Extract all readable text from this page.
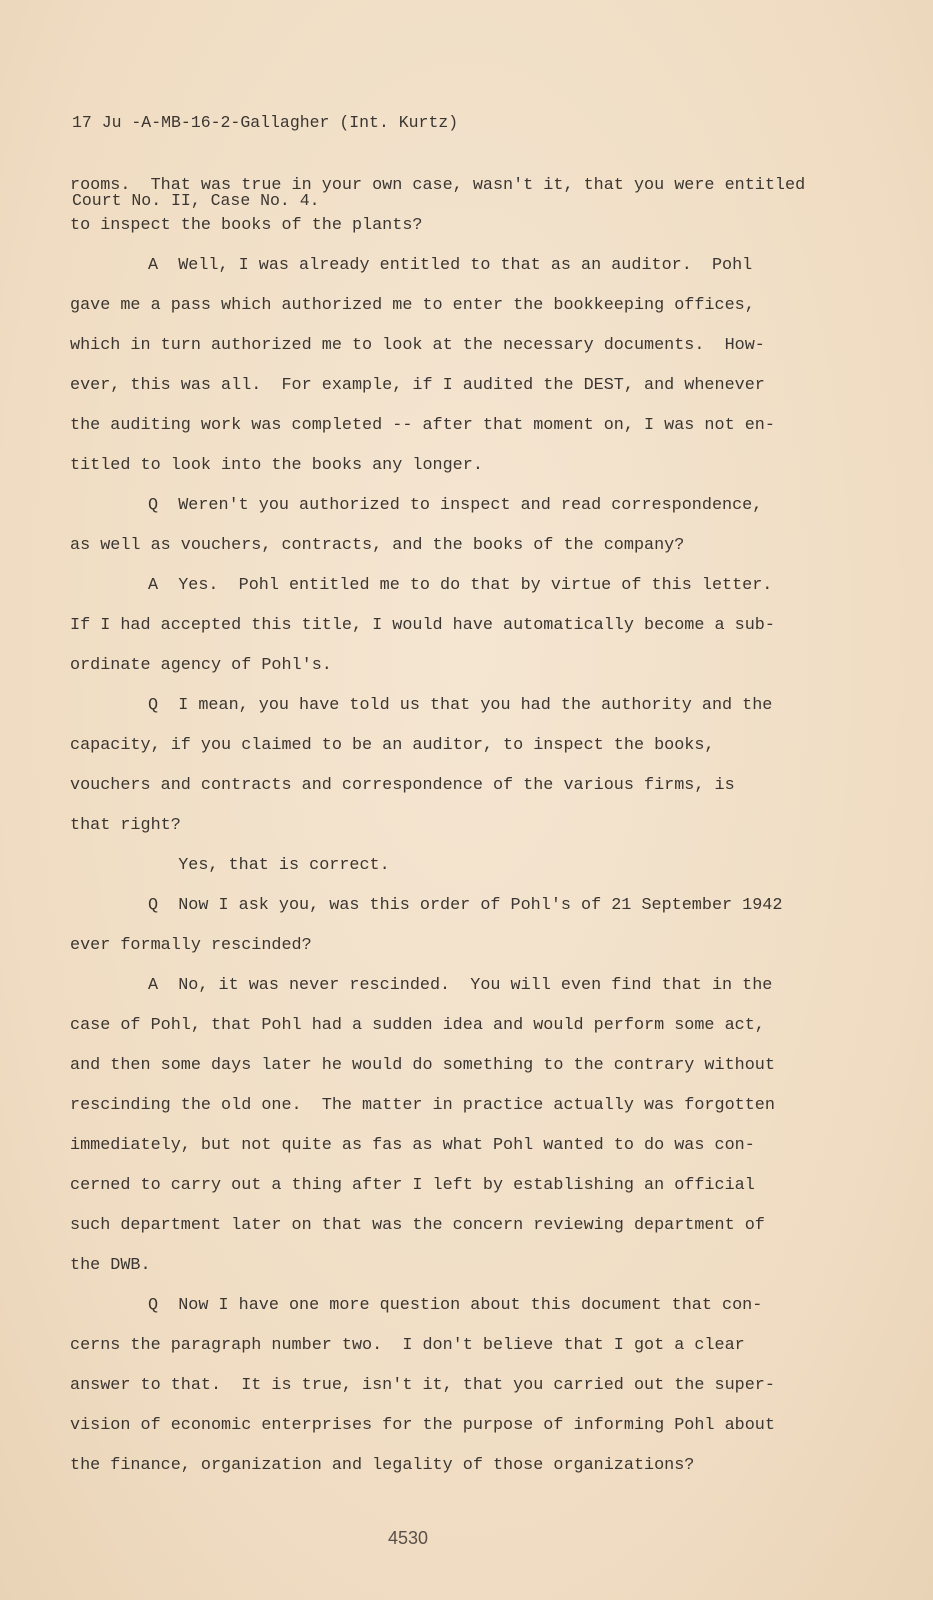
17 Ju -A-MB-16-2-Gallagher (Int. Kurtz)

Court No. II, Case No. 4.

rooms.  That was true in your own case, wasn't it, that you were entitled
to inspect the books of the plants?
A  Well, I was already entitled to that as an auditor.  Pohl
gave me a pass which authorized me to enter the bookkeeping offices,
which in turn authorized me to look at the necessary documents.  How-
ever, this was all.  For example, if I audited the DEST, and whenever
the auditing work was completed -- after that moment on, I was not en-
titled to look into the books any longer.
Q  Weren't you authorized to inspect and read correspondence,
as well as vouchers, contracts, and the books of the company?
A  Yes.  Pohl entitled me to do that by virtue of this letter.
If I had accepted this title, I would have automatically become a sub-
ordinate agency of Pohl's.
Q  I mean, you have told us that you had the authority and the
capacity, if you claimed to be an auditor, to inspect the books,
vouchers and contracts and correspondence of the various firms, is
that right?
Yes, that is correct.
Q  Now I ask you, was this order of Pohl's of 21 September 1942
ever formally rescinded?
A  No, it was never rescinded.  You will even find that in the
case of Pohl, that Pohl had a sudden idea and would perform some act,
and then some days later he would do something to the contrary without
rescinding the old one.  The matter in practice actually was forgotten
immediately, but not quite as fas as what Pohl wanted to do was con-
cerned to carry out a thing after I left by establishing an official
such department later on that was the concern reviewing department of
the DWB.
Q  Now I have one more question about this document that con-
cerns the paragraph number two.  I don't believe that I got a clear
answer to that.  It is true, isn't it, that you carried out the super-
vision of economic enterprises for the purpose of informing Pohl about
the finance, organization and legality of those organizations?
4530
